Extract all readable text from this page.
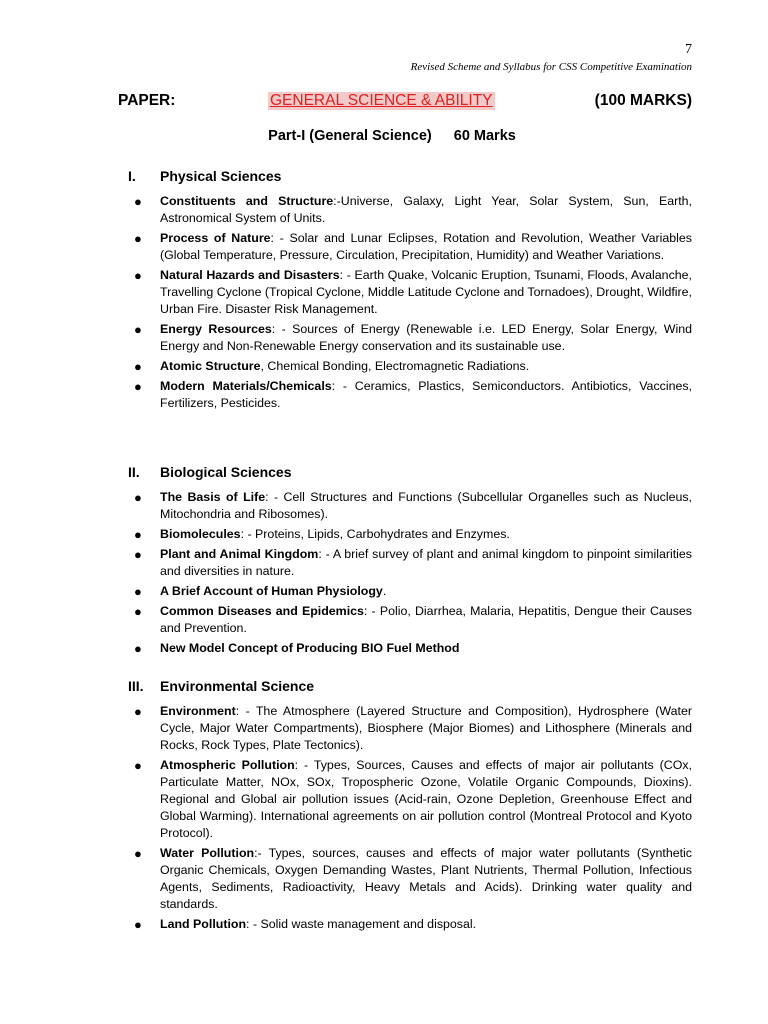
7
Revised Scheme and Syllabus for CSS Competitive Examination
PAPER:	GENERAL SCIENCE & ABILITY	(100 MARKS)
Part-I (General Science) 60 Marks
I. Physical Sciences
● Constituents and Structure:-Universe, Galaxy, Light Year, Solar System, Sun, Earth, Astronomical System of Units.
● Process of Nature: - Solar and Lunar Eclipses, Rotation and Revolution, Weather Variables (Global Temperature, Pressure, Circulation, Precipitation, Humidity) and Weather Variations.
● Natural Hazards and Disasters: - Earth Quake, Volcanic Eruption, Tsunami, Floods, Avalanche, Travelling Cyclone (Tropical Cyclone, Middle Latitude Cyclone and Tornadoes), Drought, Wildfire, Urban Fire. Disaster Risk Management.
● Energy Resources: - Sources of Energy (Renewable i.e. LED Energy, Solar Energy, Wind Energy and Non-Renewable Energy conservation and its sustainable use.
● Atomic Structure, Chemical Bonding, Electromagnetic Radiations.
● Modern Materials/Chemicals: - Ceramics, Plastics, Semiconductors. Antibiotics, Vaccines, Fertilizers, Pesticides.
II. Biological Sciences
● The Basis of Life: - Cell Structures and Functions (Subcellular Organelles such as Nucleus, Mitochondria and Ribosomes).
● Biomolecules: - Proteins, Lipids, Carbohydrates and Enzymes.
● Plant and Animal Kingdom: - A brief survey of plant and animal kingdom to pinpoint similarities and diversities in nature.
● A Brief Account of Human Physiology.
● Common Diseases and Epidemics: - Polio, Diarrhea, Malaria, Hepatitis, Dengue their Causes and Prevention.
● New Model Concept of Producing BIO Fuel Method
III. Environmental Science
● Environment: - The Atmosphere (Layered Structure and Composition), Hydrosphere (Water Cycle, Major Water Compartments), Biosphere (Major Biomes) and Lithosphere (Minerals and Rocks, Rock Types, Plate Tectonics).
● Atmospheric Pollution: - Types, Sources, Causes and effects of major air pollutants (COx, Particulate Matter, NOx, SOx, Tropospheric Ozone, Volatile Organic Compounds, Dioxins). Regional and Global air pollution issues (Acid-rain, Ozone Depletion, Greenhouse Effect and Global Warming). International agreements on air pollution control (Montreal Protocol and Kyoto Protocol).
● Water Pollution:- Types, sources, causes and effects of major water pollutants (Synthetic Organic Chemicals, Oxygen Demanding Wastes, Plant Nutrients, Thermal Pollution, Infectious Agents, Sediments, Radioactivity, Heavy Metals and Acids). Drinking water quality and standards.
● Land Pollution: - Solid waste management and disposal.
